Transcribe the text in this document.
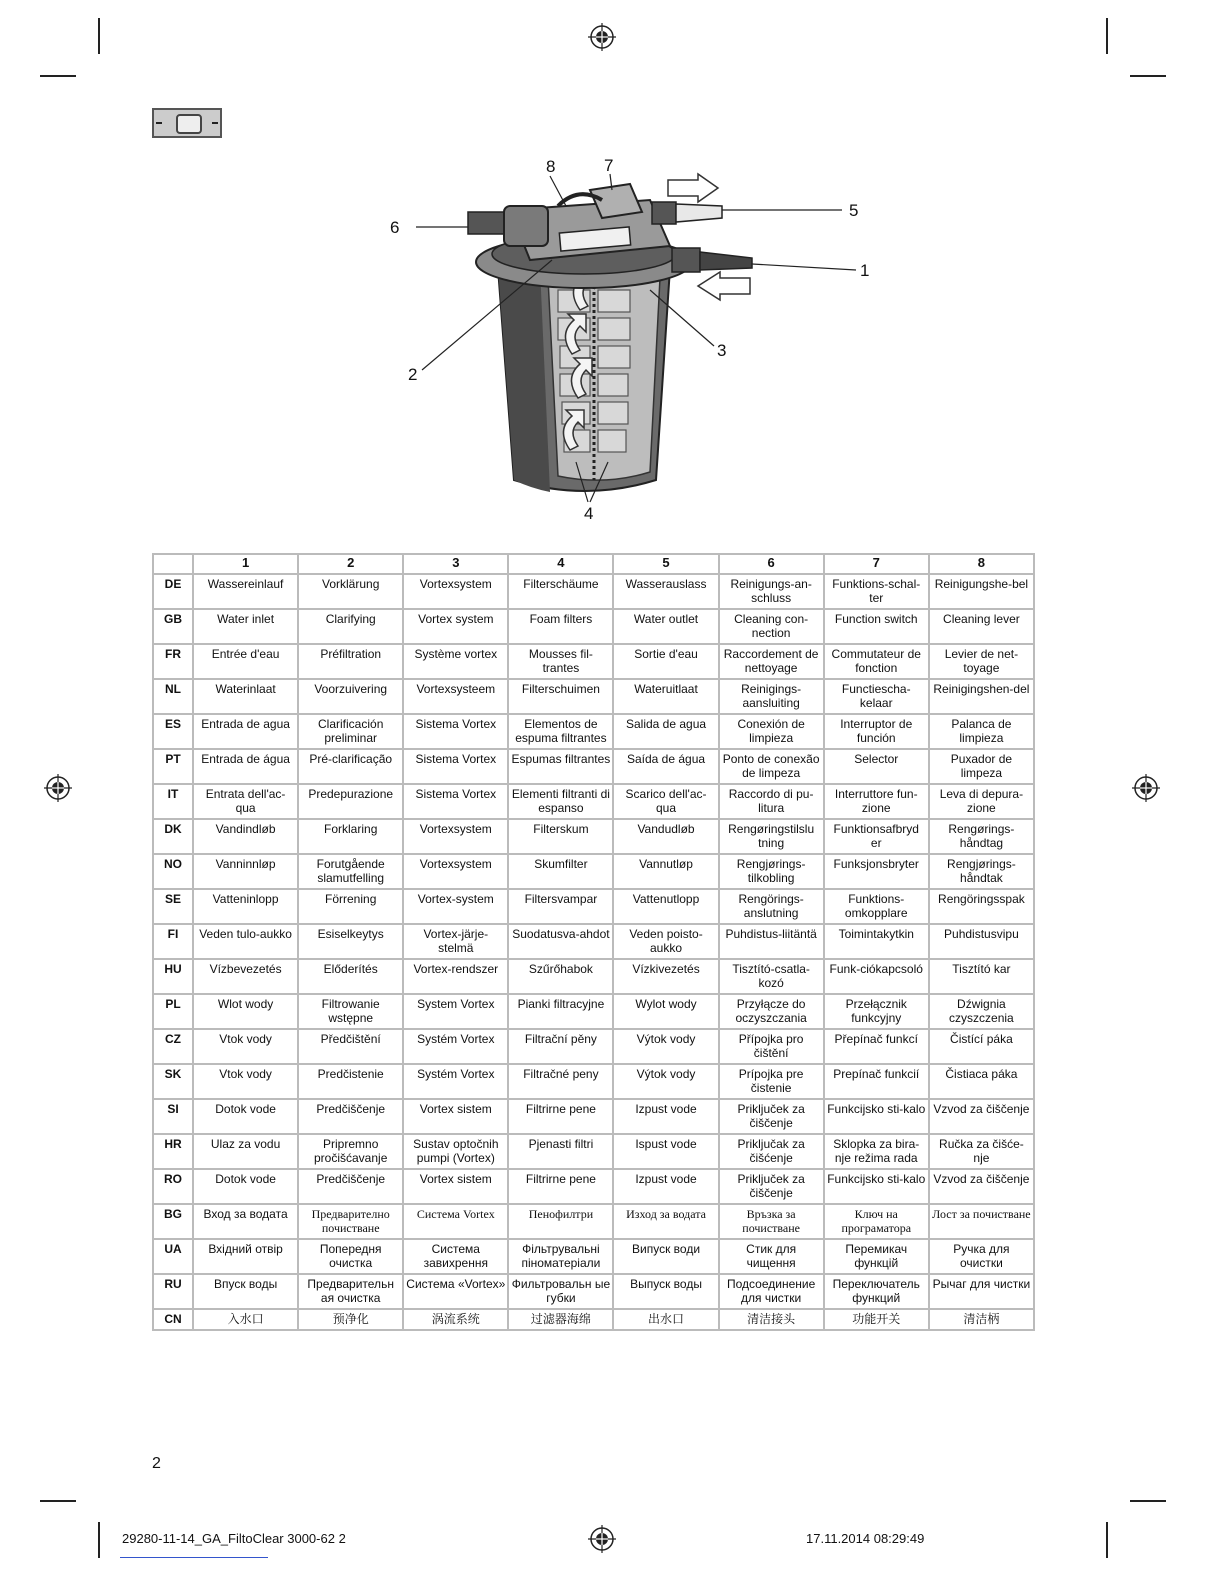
1
2
3
4
5
6
7
8
	1	2	3	4	5	6	7	8
DE	Wassereinlauf	Vorklärung	Vortexsystem	Filterschäume	Wasserauslass	Reinigungs-an-schluss	Funktions-schal-ter	Reinigungshe-bel
GB	Water inlet	Clarifying	Vortex system	Foam filters	Water outlet	Cleaning con-nection	Function switch	Cleaning lever
FR	Entrée d'eau	Préfiltration	Système vortex	Mousses fil-trantes	Sortie d'eau	Raccordement de nettoyage	Commutateur de fonction	Levier de net-toyage
NL	Waterinlaat	Voorzuivering	Vortexsysteem	Filterschuimen	Wateruitlaat	Reinigings-aansluiting	Functiescha-kelaar	Reinigingshen-del
ES	Entrada de agua	Clarificación preliminar	Sistema Vortex	Elementos de espuma filtrantes	Salida de agua	Conexión de limpieza	Interruptor de función	Palanca de limpieza
PT	Entrada de água	Pré-clarificação	Sistema Vortex	Espumas filtrantes	Saída de água	Ponto de conexão de limpeza	Selector	Puxador de limpeza
IT	Entrata dell'ac-qua	Predepurazione	Sistema Vortex	Elementi filtranti di espanso	Scarico dell'ac-qua	Raccordo di pu-litura	Interruttore fun-zione	Leva di depura-zione
DK	Vandindløb	Forklaring	Vortexsystem	Filterskum	Vandudløb	Rengøringstilslu tning	Funktionsafbryd er	Rengørings-håndtag
NO	Vanninnløp	Forutgående slamutfelling	Vortexsystem	Skumfilter	Vannutløp	Rengjørings-tilkobling	Funksjonsbryter	Rengjørings-håndtak
SE	Vatteninlopp	Förrening	Vortex-system	Filtersvampar	Vattenutlopp	Rengörings-anslutning	Funktions-omkopplare	Rengöringsspak
FI	Veden tulo-aukko	Esiselkeytys	Vortex-järje-stelmä	Suodatusva-ahdot	Veden poisto-aukko	Puhdistus-liitäntä	Toimintakytkin	Puhdistusvipu
HU	Vízbevezetés	Előderítés	Vortex-rendszer	Szűrőhabok	Vízkivezetés	Tisztító-csatla-kozó	Funk-ciókapcsoló	Tisztító kar
PL	Wlot wody	Filtrowanie wstępne	System Vortex	Pianki filtracyjne	Wylot wody	Przyłącze do oczyszczania	Przełącznik funkcyjny	Dźwignia czyszczenia
CZ	Vtok vody	Předčištění	Systém Vortex	Filtrační pěny	Výtok vody	Přípojka pro čištění	Přepínač funkcí	Čistící páka
SK	Vtok vody	Predčistenie	Systém Vortex	Filtračné peny	Výtok vody	Prípojka pre čistenie	Prepínač funkcií	Čistiaca páka
SI	Dotok vode	Predčiščenje	Vortex sistem	Filtrirne pene	Izpust vode	Priključek za čiščenje	Funkcijsko sti-kalo	Vzvod za čiščenje
HR	Ulaz za vodu	Pripremno pročišćavanje	Sustav optočnih pumpi (Vortex)	Pjenasti filtri	Ispust vode	Priključak za čišćenje	Sklopka za bira-nje režima rada	Ručka za čišće-nje
RO	Dotok vode	Predčiščenje	Vortex sistem	Filtrirne pene	Izpust vode	Priključek za čiščenje	Funkcijsko sti-kalo	Vzvod za čiščenje
BG	Вход за водата	Предварително почистване	Система Vortex	Пенофилтри	Изход за водата	Връзка за почистване	Ключ на програматора	Лост за почистване
UA	Вхідний отвір	Попередня очистка	Система завихрення	Фільтрувальні піноматеріали	Випуск води	Стик для чищення	Перемикач функцій	Ручка для очистки
RU	Впуск воды	Предварительн ая очистка	Система «Vortex»	Фильтровальн ые губки	Выпуск воды	Подсоединение для чистки	Переключатель функций	Рычаг для чистки
CN	入水口	预净化	涡流系统	过滤器海绵	出水口	清洁接头	功能开关	清洁柄
2
29280-11-14_GA_FiltoClear 3000-62 2	17.11.2014 08:29:49
